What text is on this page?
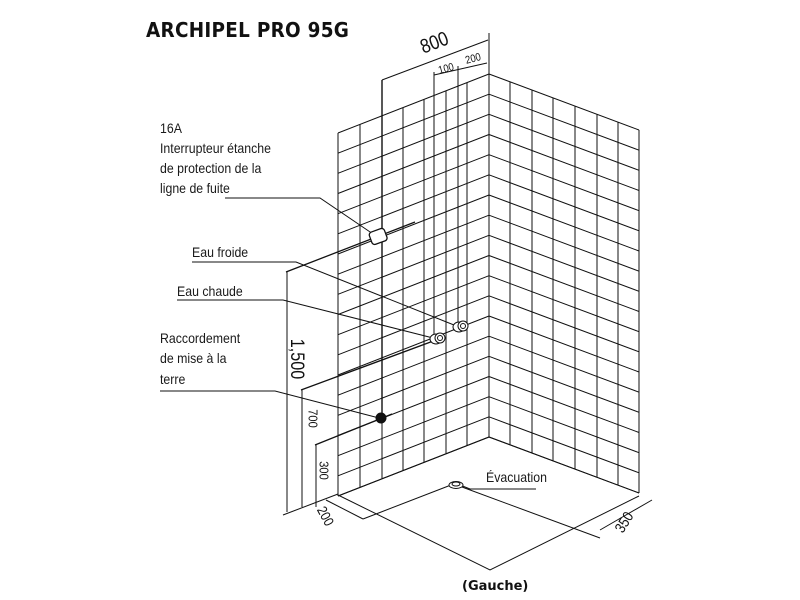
ARCHIPEL PRO 95G
16A
Interrupteur étanche
de protection de la
ligne de fuite
Eau froide
Eau chaude
Raccordement
de mise à la
terre
Évacuation
800
100
200
1,500
700
300
200	350
(Gauche)
